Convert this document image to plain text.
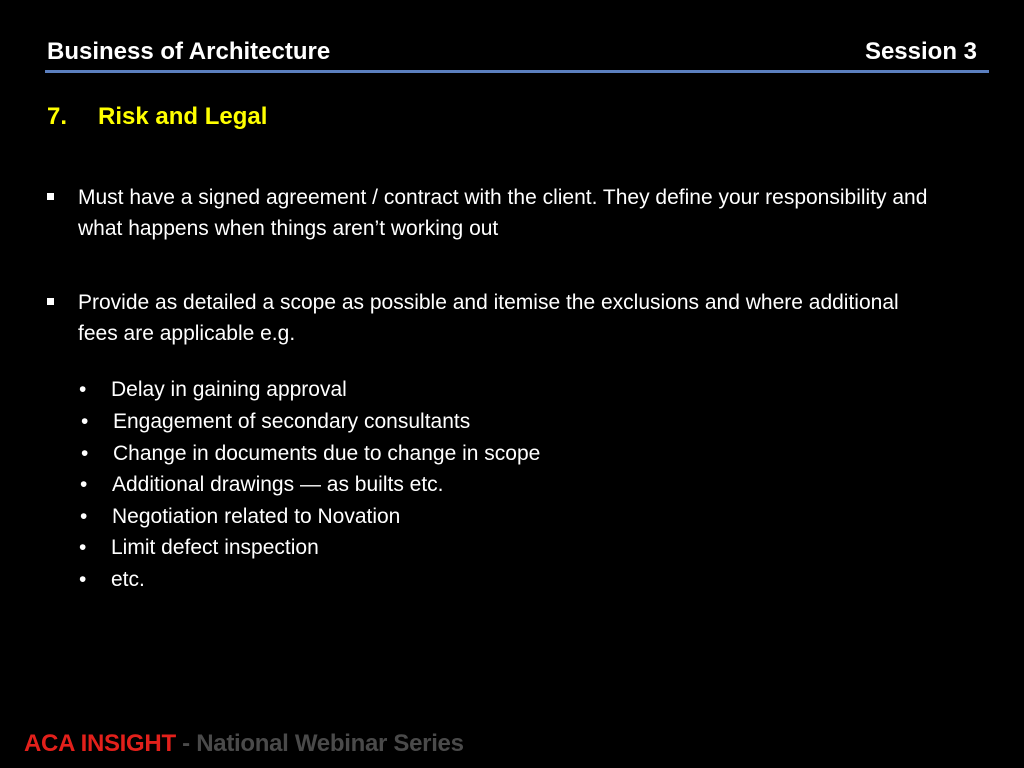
Business of Architecture	Session 3
7. Risk and Legal
Must have a signed agreement / contract with the client. They define your responsibility and what happens when things aren’t working out
Provide as detailed a scope as possible and itemise the exclusions and where additional fees are applicable e.g.
• Delay in gaining approval
• Engagement of secondary consultants
• Change in documents due to change in scope
• Additional drawings — as builts etc.
• Negotiation related to Novation
• Limit defect inspection
• etc.
ACA INSIGHT - National Webinar Series
